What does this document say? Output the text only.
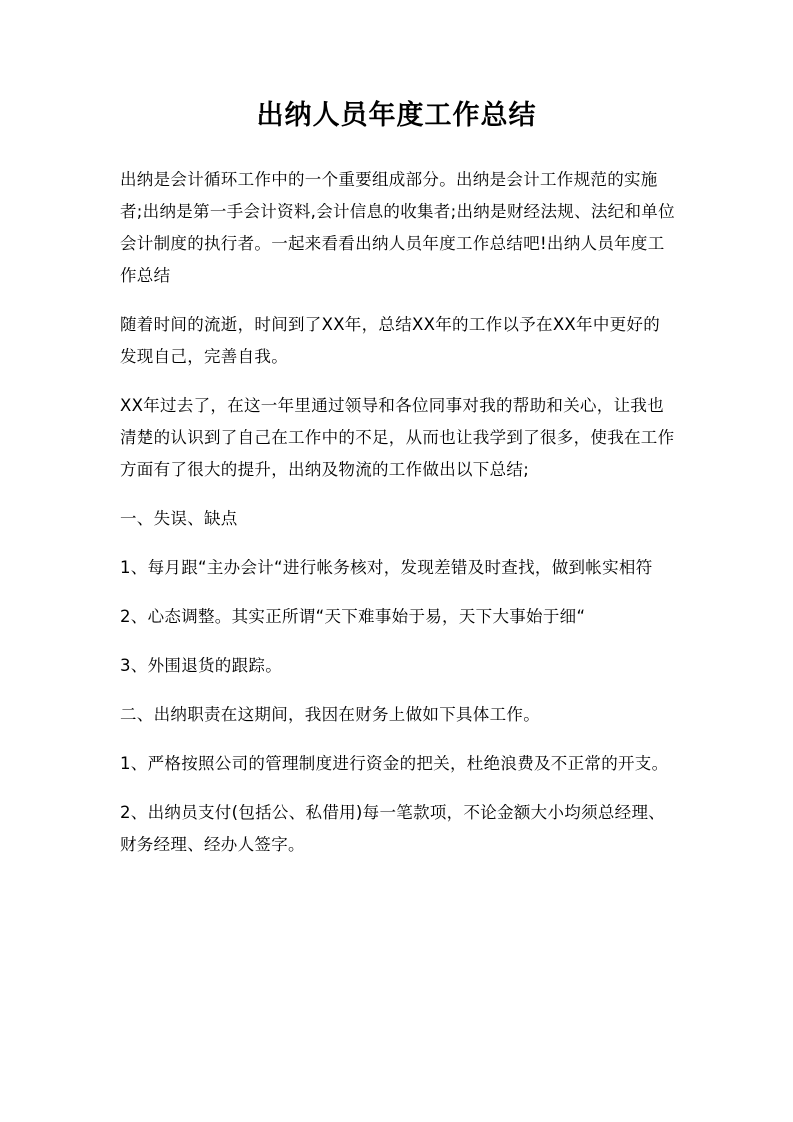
出纳人员年度工作总结

出纳是会计循环工作中的一个重要组成部分。出纳是会计工作规范的实施者;出纳是第一手会计资料,会计信息的收集者;出纳是财经法规、法纪和单位会计制度的执行者。一起来看看出纳人员年度工作总结吧!出纳人员年度工作总结

随着时间的流逝，时间到了XX年，总结XX年的工作以予在XX年中更好的发现自己，完善自我。

XX年过去了，在这一年里通过领导和各位同事对我的帮助和关心，让我也清楚的认识到了自己在工作中的不足，从而也让我学到了很多，使我在工作方面有了很大的提升，出纳及物流的工作做出以下总结;

一、失误、缺点

1、每月跟“主办会计“进行帐务核对，发现差错及时查找，做到帐实相符

2、心态调整。其实正所谓“天下难事始于易，天下大事始于细“

3、外围退货的跟踪。

二、出纳职责在这期间，我因在财务上做如下具体工作。

1、严格按照公司的管理制度进行资金的把关，杜绝浪费及不正常的开支。

2、出纳员支付(包括公、私借用)每一笔款项，不论金额大小均须总经理、财务经理、经办人签字。
